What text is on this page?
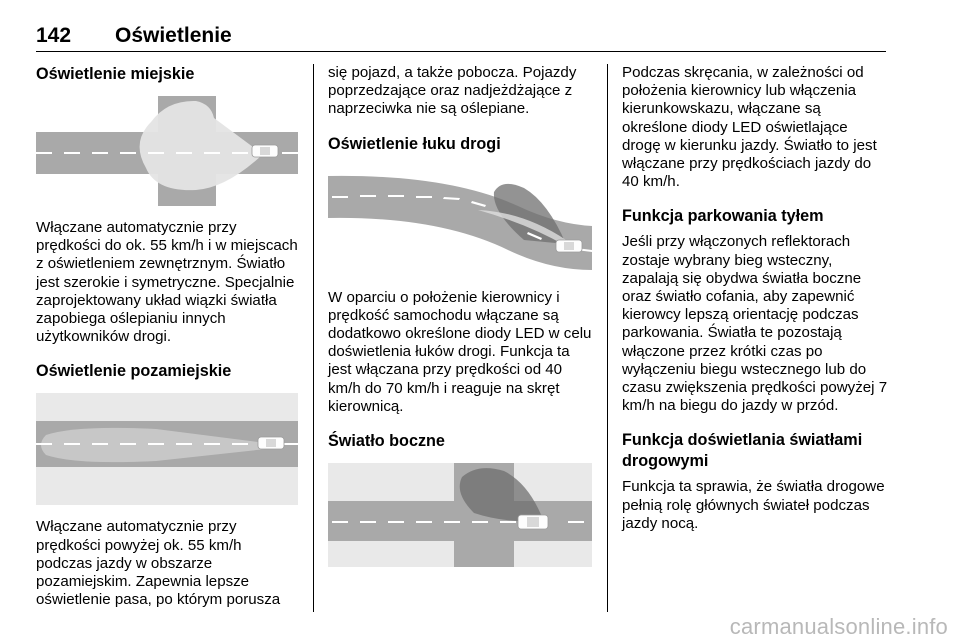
142 Oświetlenie
Oświetlenie miejskie

Włączane automatycznie przy prędkości do ok. 55 km/h i w miejscach z oświetleniem zewnętrznym. Światło jest szerokie i symetryczne. Specjalnie zaprojektowany układ wiązki światła zapobiega oślepianiu innych użytkowników drogi.

Oświetlenie pozamiejskie

Włączane automatycznie przy prędkości powyżej ok. 55 km/h podczas jazdy w obszarze pozamiejskim. Zapewnia lepsze oświetlenie pasa, po którym porusza

się pojazd, a także pobocza. Pojazdy poprzedzające oraz nadjeżdżające z naprzeciwka nie są oślepiane.

Oświetlenie łuku drogi

W oparciu o położenie kierownicy i prędkość samochodu włączane są dodatkowo określone diody LED w celu doświetlenia łuków drogi. Funkcja ta jest włączana przy prędkości od 40 km/h do 70 km/h i reaguje na skręt kierownicą.

Światło boczne

Podczas skręcania, w zależności od położenia kierownicy lub włączenia kierunkowskazu, włączane są określone diody LED oświetlające drogę w kierunku jazdy. Światło to jest włączane przy prędkościach jazdy do 40 km/h.

Funkcja parkowania tyłem

Jeśli przy włączonych reflektorach zostaje wybrany bieg wsteczny, zapalają się obydwa światła boczne oraz światło cofania, aby zapewnić kierowcy lepszą orientację podczas parkowania. Światła te pozostają włączone przez krótki czas po wyłączeniu biegu wstecznego lub do czasu zwiększenia prędkości powyżej 7 km/h na biegu do jazdy w przód.

Funkcja doświetlania światłami drogowymi

Funkcja ta sprawia, że światła drogowe pełnią rolę głównych świateł podczas jazdy nocą.

carmanualsonline.info
